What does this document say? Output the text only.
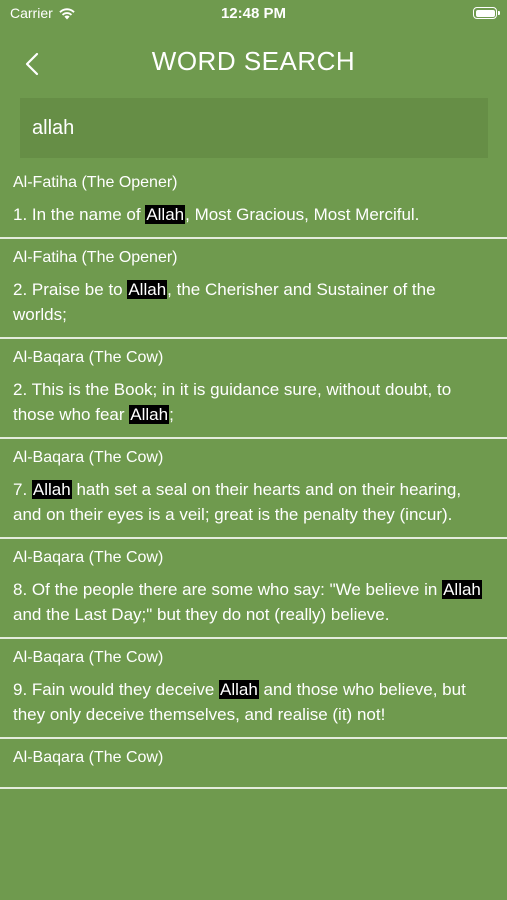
Carrier	12:48 PM
WORD SEARCH
allah
Al-Fatiha (The Opener)
1. In the name of Allah, Most Gracious, Most Merciful.
Al-Fatiha (The Opener)
2. Praise be to Allah, the Cherisher and Sustainer of the worlds;
Al-Baqara (The Cow)
2. This is the Book; in it is guidance sure, without doubt, to those who fear Allah;
Al-Baqara (The Cow)
7. Allah hath set a seal on their hearts and on their hearing, and on their eyes is a veil; great is the penalty they (incur).
Al-Baqara (The Cow)
8. Of the people there are some who say: "We believe in Allah and the Last Day;" but they do not (really) believe.
Al-Baqara (The Cow)
9. Fain would they deceive Allah and those who believe, but they only deceive themselves, and realise (it) not!
Al-Baqara (The Cow)
